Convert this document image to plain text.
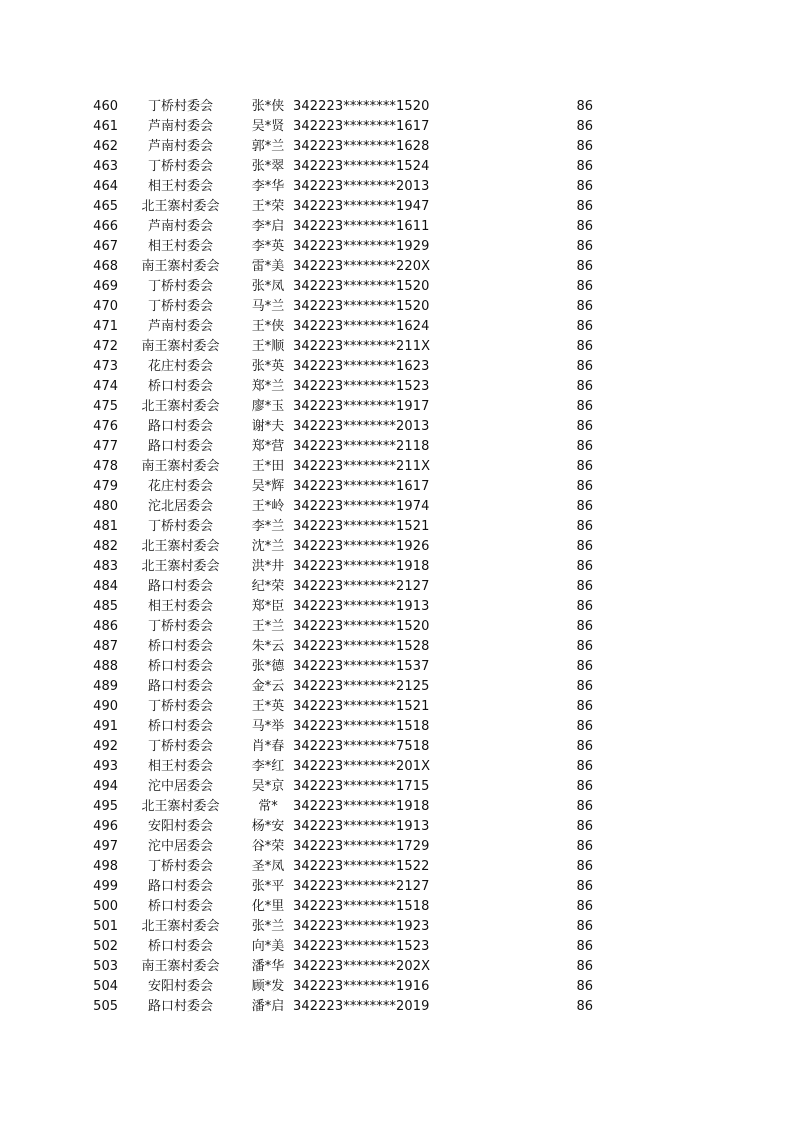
460	丁桥村委会	张*侠	342223********1520	86
461	芦南村委会	吴*贤	342223********1617	86
462	芦南村委会	郭*兰	342223********1628	86
463	丁桥村委会	张*翠	342223********1524	86
464	相王村委会	李*华	342223********2013	86
465	北王寨村委会	王*荣	342223********1947	86
466	芦南村委会	李*启	342223********1611	86
467	相王村委会	李*英	342223********1929	86
468	南王寨村委会	雷*美	342223********220X	86
469	丁桥村委会	张*凤	342223********1520	86
470	丁桥村委会	马*兰	342223********1520	86
471	芦南村委会	王*侠	342223********1624	86
472	南王寨村委会	王*顺	342223********211X	86
473	花庄村委会	张*英	342223********1623	86
474	桥口村委会	郑*兰	342223********1523	86
475	北王寨村委会	廖*玉	342223********1917	86
476	路口村委会	谢*夫	342223********2013	86
477	路口村委会	郑*营	342223********2118	86
478	南王寨村委会	王*田	342223********211X	86
479	花庄村委会	吴*辉	342223********1617	86
480	沱北居委会	王*岭	342223********1974	86
481	丁桥村委会	李*兰	342223********1521	86
482	北王寨村委会	沈*兰	342223********1926	86
483	北王寨村委会	洪*井	342223********1918	86
484	路口村委会	纪*荣	342223********2127	86
485	相王村委会	郑*臣	342223********1913	86
486	丁桥村委会	王*兰	342223********1520	86
487	桥口村委会	朱*云	342223********1528	86
488	桥口村委会	张*德	342223********1537	86
489	路口村委会	金*云	342223********2125	86
490	丁桥村委会	王*英	342223********1521	86
491	桥口村委会	马*举	342223********1518	86
492	丁桥村委会	肖*春	342223********7518	86
493	相王村委会	李*红	342223********201X	86
494	沱中居委会	吴*京	342223********1715	86
495	北王寨村委会	常*	342223********1918	86
496	安阳村委会	杨*安	342223********1913	86
497	沱中居委会	谷*荣	342223********1729	86
498	丁桥村委会	圣*凤	342223********1522	86
499	路口村委会	张*平	342223********2127	86
500	桥口村委会	化*里	342223********1518	86
501	北王寨村委会	张*兰	342223********1923	86
502	桥口村委会	向*美	342223********1523	86
503	南王寨村委会	潘*华	342223********202X	86
504	安阳村委会	顾*发	342223********1916	86
505	路口村委会	潘*启	342223********2019	86
